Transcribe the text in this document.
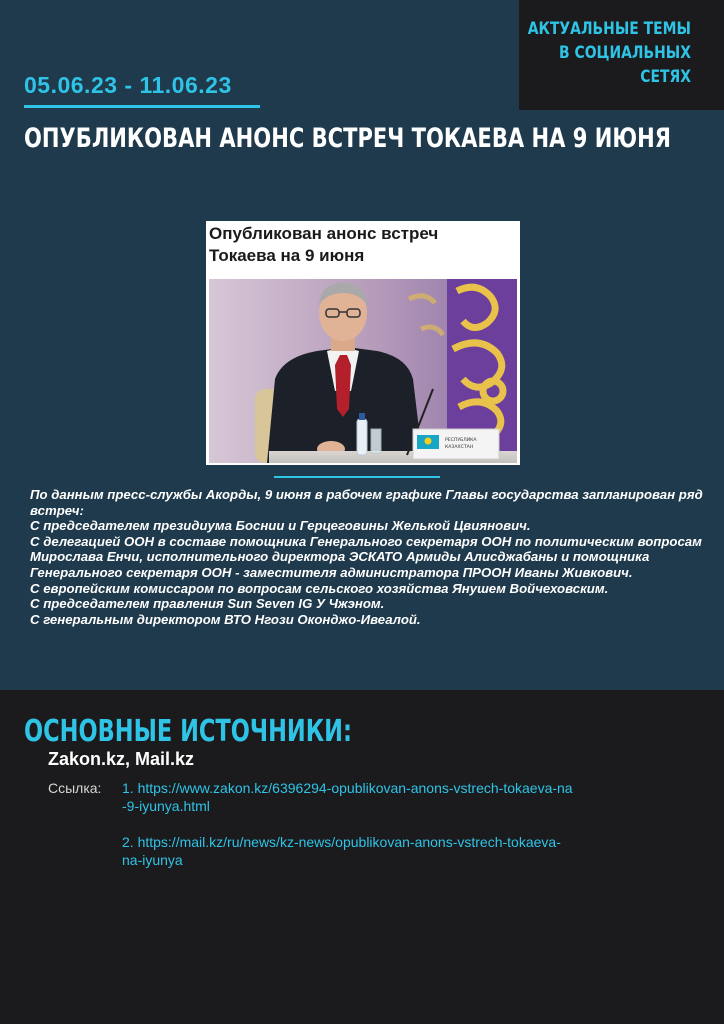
АКТУАЛЬНЫЕ ТЕМЫ
В СОЦИАЛЬНЫХ
СЕТЯХ
05.06.23 - 11.06.23
ОПУБЛИКОВАН АНОНС ВСТРЕЧ ТОКАЕВА НА 9 ИЮНЯ
Опубликован анонс встреч
Токаева на 9 июня
РЕСПУБЛИКА
КАЗАХСТАН

По данным пресс-службы Акорды, 9 июня в рабочем графике Главы государства запланирован ряд встреч:

С председателем президиума Боснии и Герцеговины Желькой Цвиянович.

С делегацией ООН в составе помощника Генерального секретаря ООН по политическим вопросам Мирослава Енчи, исполнительного директора ЭСКАТО Армиды Алисджабаны и помощника Генерального секретаря ООН - заместителя администратора ПРООН Иваны Живкович.

С европейским комиссаром по вопросам сельского хозяйства Янушем Войчеховским.

С председателем правления Sun Seven IG У Чжэном.

С генеральным директором ВТО Нгози Оконджо-Ивеалой.

ОСНОВНЫЕ ИСТОЧНИКИ:
Zakon.kz, Mail.kz
Ссылка: 1. https://www.zakon.kz/6396294-opublikovan-anons-vstrech-tokaeva-na
-9-iyunya.html
2. https://mail.kz/ru/news/kz-news/opublikovan-anons-vstrech-tokaeva-
na-iyunya
